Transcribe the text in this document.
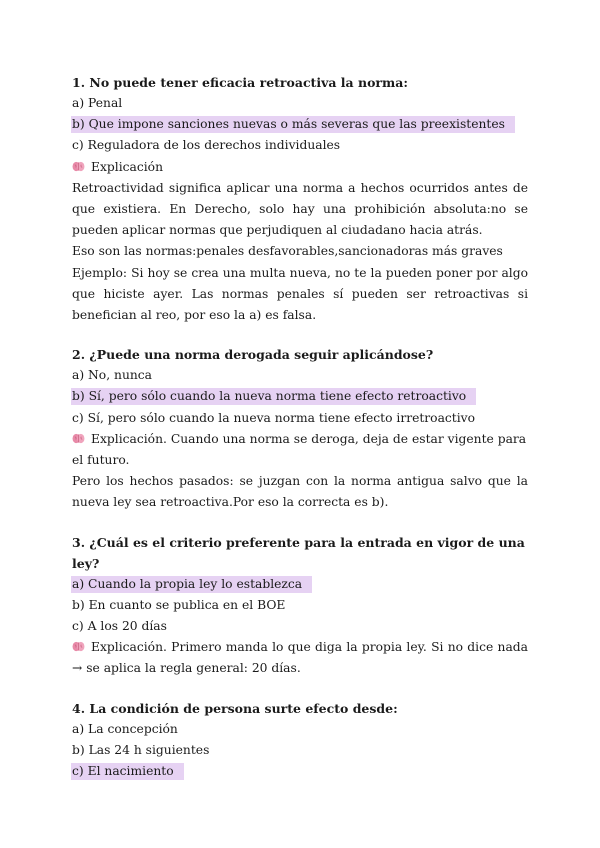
1. No puede tener eficacia retroactiva la norma:

a) Penal

b) Que impone sanciones nuevas o más severas que las preexistentes

c) Reguladora de los derechos individuales

Explicación

Retroactividad significa aplicar una norma a hechos ocurridos antes de que existiera. En Derecho, solo hay una prohibición absoluta:no se pueden aplicar normas que perjudiquen al ciudadano hacia atrás.

Eso son las normas:penales desfavorables,sancionadoras más graves

Ejemplo: Si hoy se crea una multa nueva, no te la pueden poner por algo que hiciste ayer. Las normas penales sí pueden ser retroactivas si benefician al reo, por eso la a) es falsa.

2. ¿Puede una norma derogada seguir aplicándose?

a) No, nunca

b) Sí, pero sólo cuando la nueva norma tiene efecto retroactivo

c) Sí, pero sólo cuando la nueva norma tiene efecto irretroactivo

Explicación. Cuando una norma se deroga, deja de estar vigente para el futuro.

Pero los hechos pasados: se juzgan con la norma antigua salvo que la nueva ley sea retroactiva.Por eso la correcta es b).

3. ¿Cuál es el criterio preferente para la entrada en vigor de una ley?

a) Cuando la propia ley lo establezca

b) En cuanto se publica en el BOE

c) A los 20 días

Explicación. Primero manda lo que diga la propia ley. Si no dice nada → se aplica la regla general: 20 días.

4. La condición de persona surte efecto desde:

a) La concepción

b) Las 24 h siguientes

c) El nacimiento
